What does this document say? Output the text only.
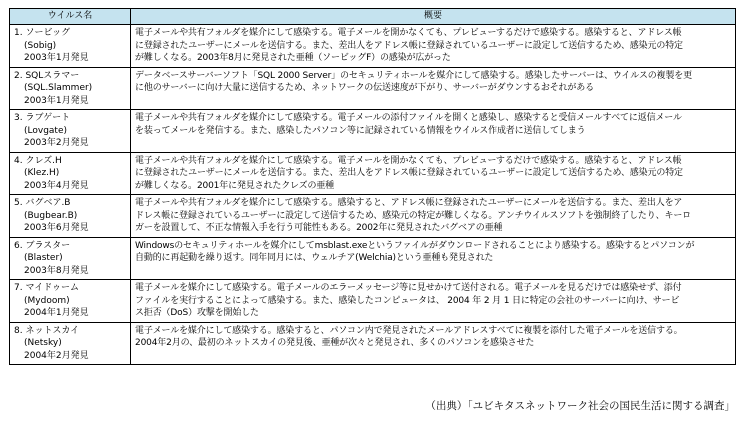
ウイルス名	概要

1. ソービッグ
(Sobig)
2003年1月発見	電子メールや共有フォルダを媒介にして感染する。電子メールを開かなくても、プレビューするだけで感染する。感染すると、アドレス帳
に登録されたユーザーにメールを送信する。また、差出人をアドレス帳に登録されているユーザーに設定して送信するため、感染元の特定
が難しくなる。2003年8月に発見された亜種（ソービッグF）の感染が広がった

2. SQLスラマー
(SQL.Slammer)
2003年1月発見	データベースサーバーソフト「SQL 2000 Server」のセキュリティホールを媒介にして感染する。感染したサーバーは、ウイルスの複製を更
に他のサーバーに向け大量に送信するため、ネットワークの伝送速度が下がり、サーバーがダウンするおそれがある

3. ラブゲート
(Lovgate)
2003年2月発見	電子メールや共有フォルダを媒介にして感染する。電子メールの添付ファイルを開くと感染し、感染すると受信メールすべてに返信メール
を装ってメールを発信する。また、感染したパソコン等に記録されている情報をウイルス作成者に送信してしまう

4. クレズ.H
(Klez.H)
2003年4月発見	電子メールや共有フォルダを媒介にして感染する。電子メールを開かなくても、プレビューするだけで感染する。感染すると、アドレス帳
に登録されたユーザーにメールを送信する。また、差出人をアドレス帳に登録されているユーザーに設定して送信するため、感染元の特定
が難しくなる。2001年に発見されたクレズの亜種

5. バグベア.B
(Bugbear.B)
2003年6月発見	電子メールや共有フォルダを媒介にして感染する。感染すると、アドレス帳に登録されたユーザーにメールを送信する。また、差出人をア
ドレス帳に登録されているユーザーに設定して送信するため、感染元の特定が難しくなる。アンチウイルスソフトを強制終了したり、キーロ
ガーを設置して、不正な情報入手を行う可能性もある。2002年に発見されたバグベアの亜種

6. ブラスター
(Blaster)
2003年8月発見	Windowsのセキュリティホールを媒介にしてmsblast.exeというファイルがダウンロードされることにより感染する。感染するとパソコンが
自動的に再起動を繰り返す。同年同月には、ウェルチア(Welchia)という亜種も発見された

7. マイドゥーム
(Mydoom)
2004年1月発見	電子メールを媒介にして感染する。電子メールのエラーメッセージ等に見せかけて送付される。電子メールを見るだけでは感染せず、添付
ファイルを実行することによって感染する。また、感染したコンピュータは、 2004 年 2 月 1 日に特定の会社のサーバーに向け、サービ
ス拒否（DoS）攻撃を開始した

8. ネットスカイ
(Netsky)
2004年2月発見	電子メールを媒介にして感染する。感染すると、パソコン内で発見されたメールアドレスすべてに複製を添付した電子メールを送信する。
2004年2月の、最初のネットスカイの発見後、亜種が次々と発見され、多くのパソコンを感染させた
（出典）「ユビキタスネットワーク社会の国民生活に関する調査」
